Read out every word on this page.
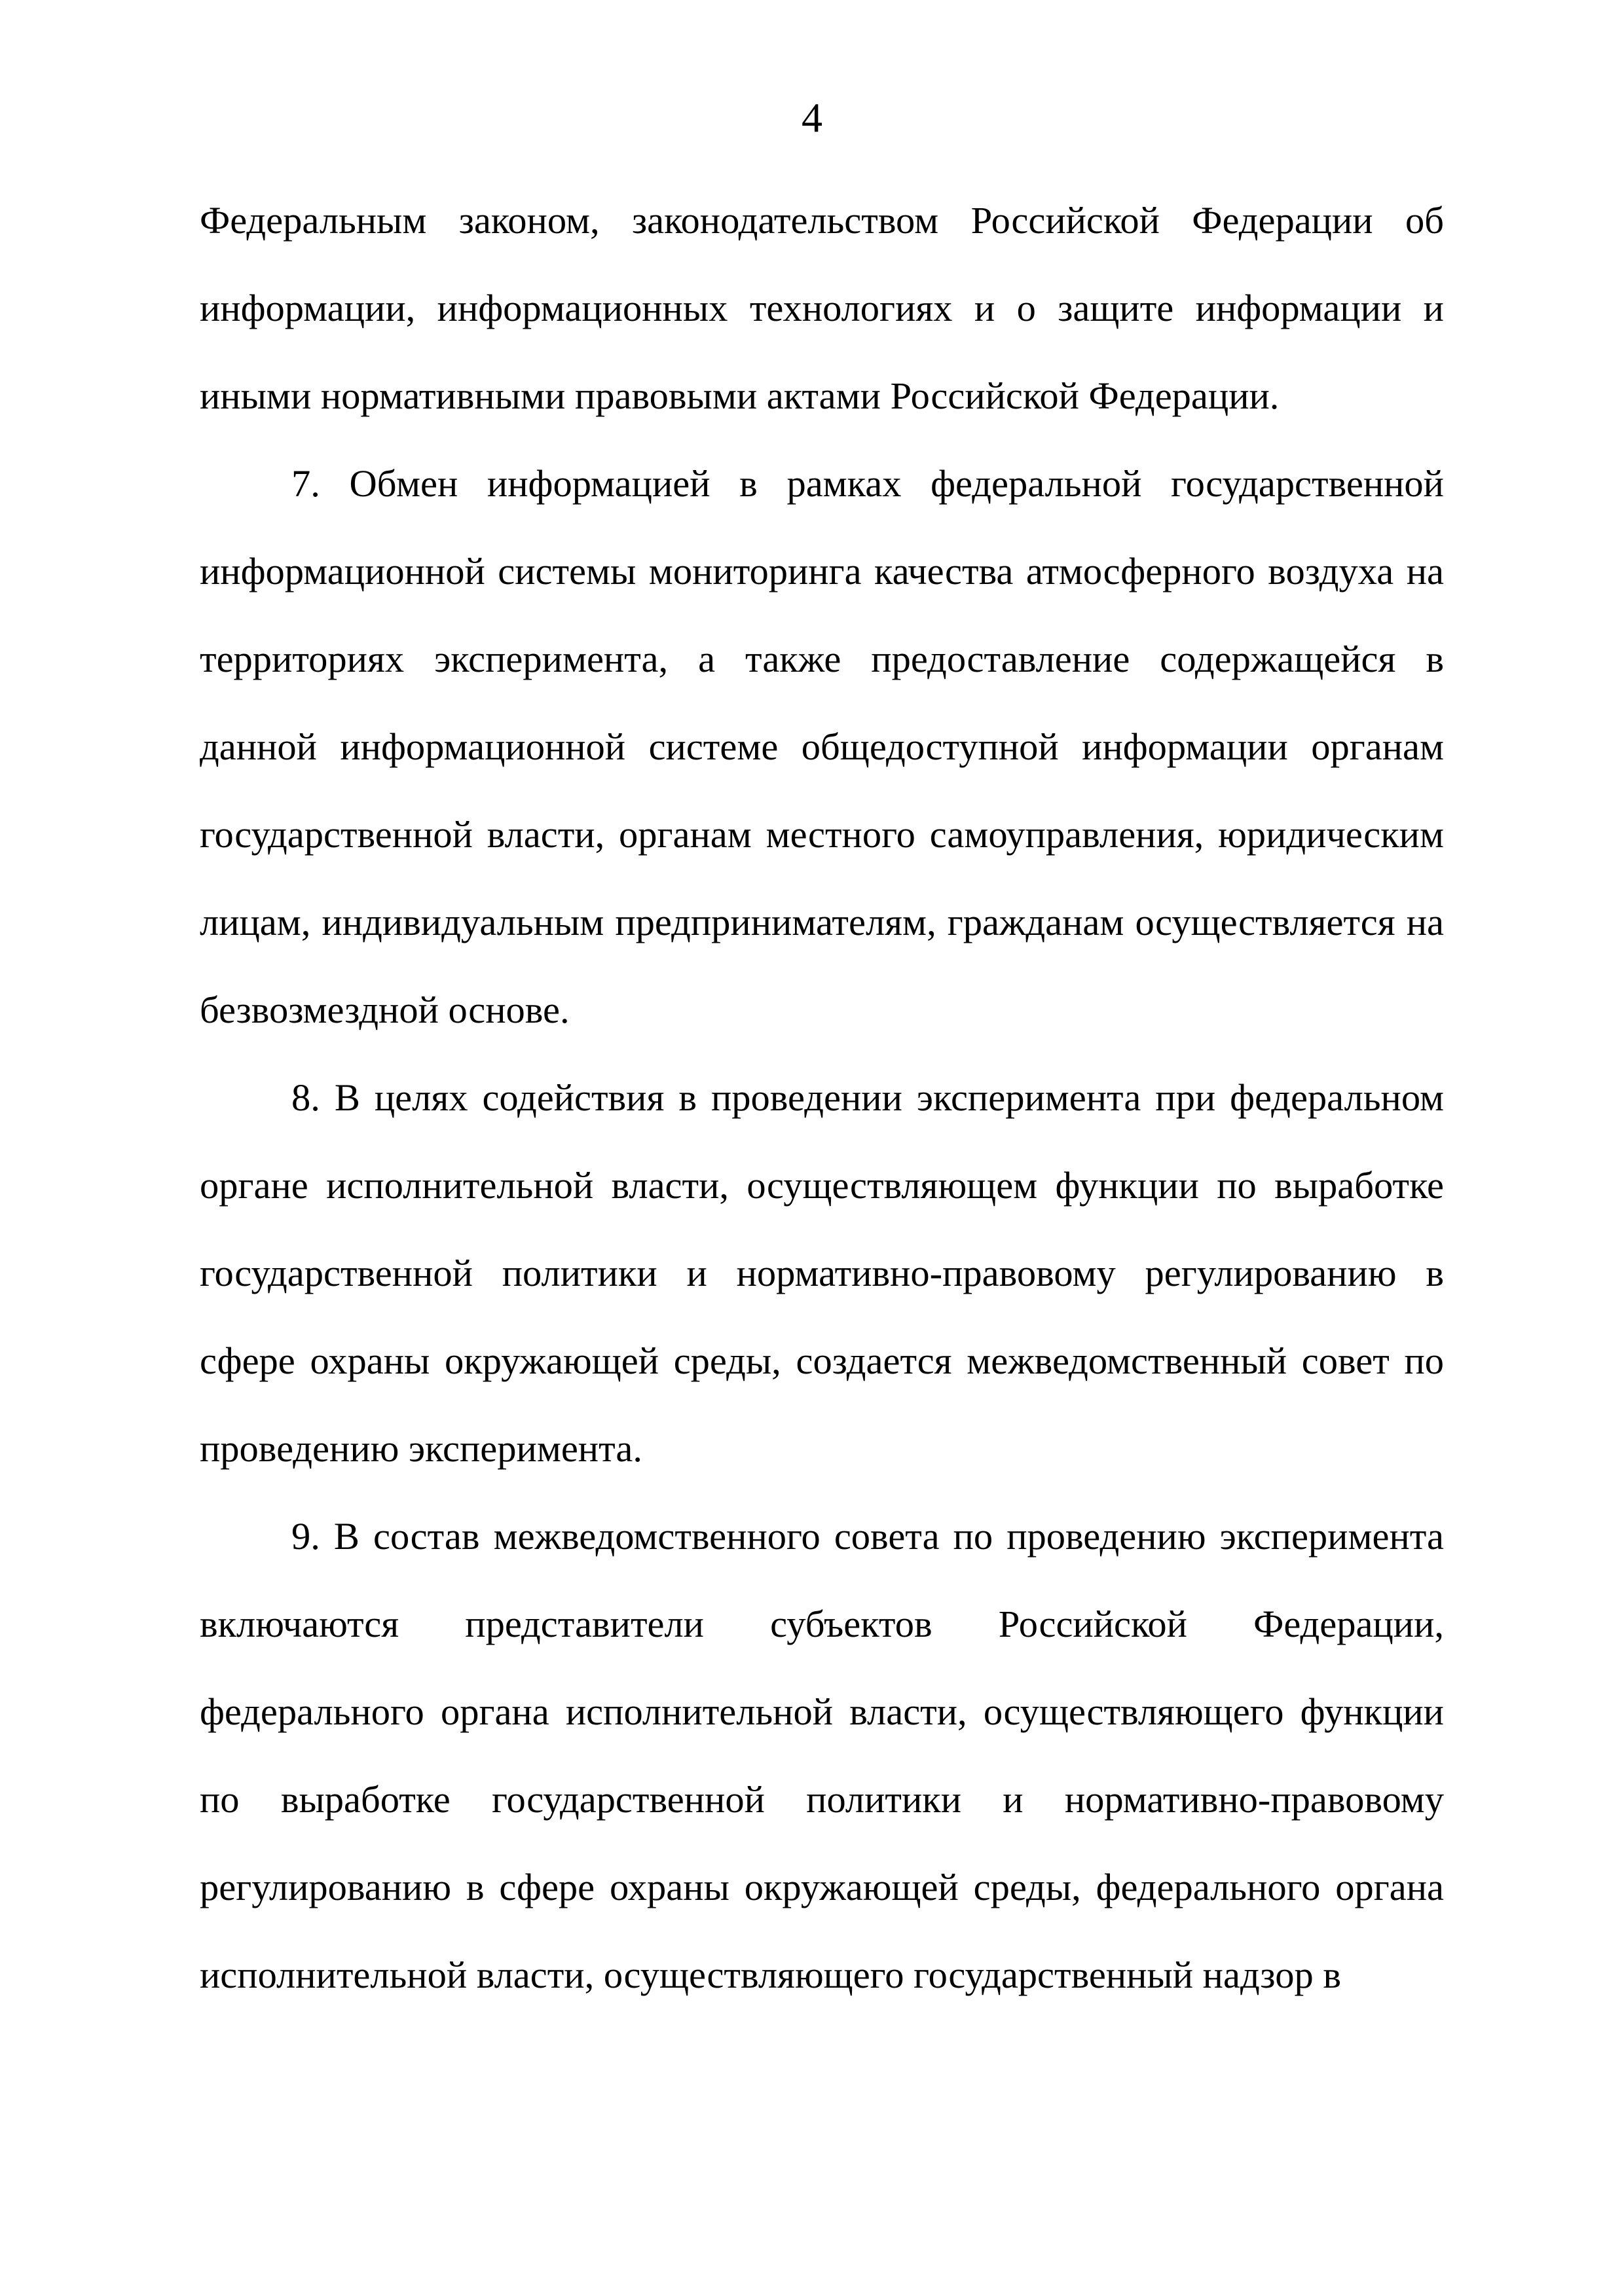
4

Федеральным законом, законодательством Российской Федерации об информации, информационных технологиях и о защите информации и иными нормативными правовыми актами Российской Федерации.

7. Обмен информацией в рамках федеральной государственной информационной системы мониторинга качества атмосферного воздуха на территориях эксперимента, а также предоставление содержащейся в данной информационной системе общедоступной информации органам государственной власти, органам местного самоуправления, юридическим лицам, индивидуальным предпринимателям, гражданам осуществляется на безвозмездной основе.

8. В целях содействия в проведении эксперимента при федеральном органе исполнительной власти, осуществляющем функции по выработке государственной политики и нормативно-правовому регулированию в сфере охраны окружающей среды, создается межведомственный совет по проведению эксперимента.

9. В состав межведомственного совета по проведению эксперимента включаются представители субъектов Российской Федерации, федерального органа исполнительной власти, осуществляющего функции по выработке государственной политики и нормативно-правовому регулированию в сфере охраны окружающей среды, федерального органа исполнительной власти, осуществляющего государственный надзор в
